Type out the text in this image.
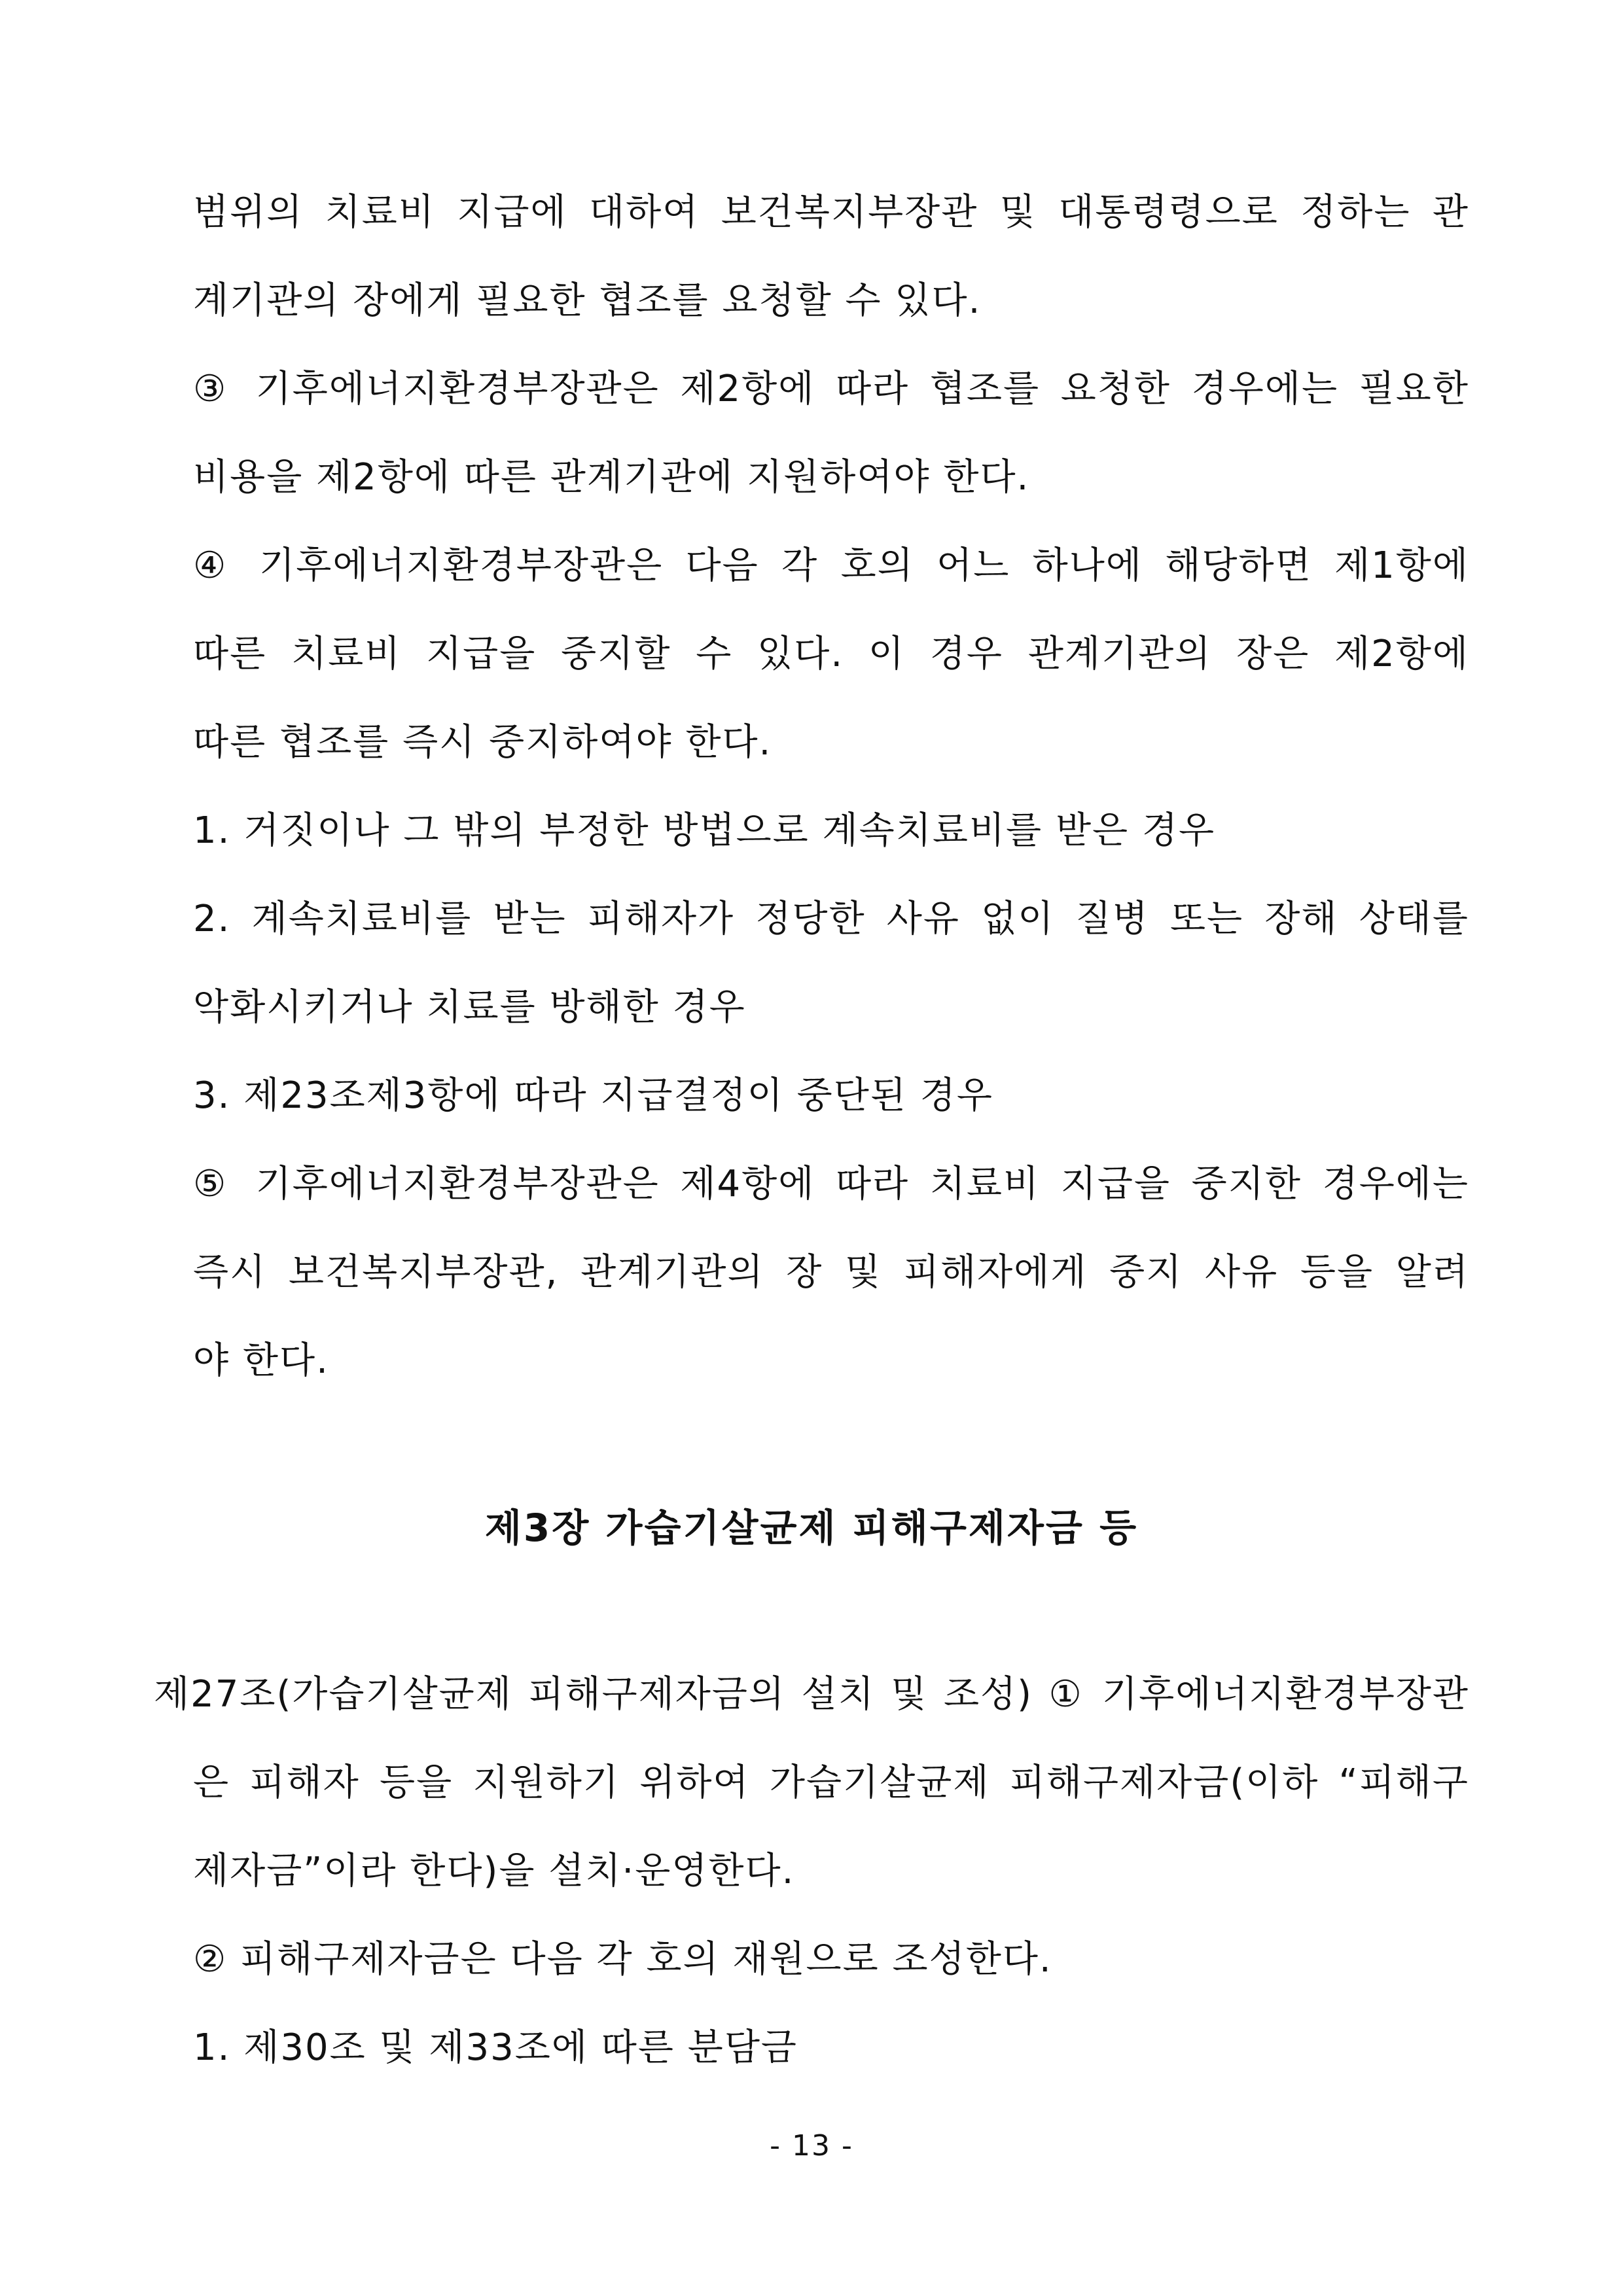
범위의 치료비 지급에 대하여 보건복지부장관 및 대통령령으로 정하는 관
계기관의 장에게 필요한 협조를 요청할 수 있다.
③ 기후에너지환경부장관은 제2항에 따라 협조를 요청한 경우에는 필요한
비용을 제2항에 따른 관계기관에 지원하여야 한다.
④ 기후에너지환경부장관은 다음 각 호의 어느 하나에 해당하면 제1항에
따른 치료비 지급을 중지할 수 있다. 이 경우 관계기관의 장은 제2항에
따른 협조를 즉시 중지하여야 한다.
1. 거짓이나 그 밖의 부정한 방법으로 계속치료비를 받은 경우
2. 계속치료비를 받는 피해자가 정당한 사유 없이 질병 또는 장해 상태를
악화시키거나 치료를 방해한 경우
3. 제23조제3항에 따라 지급결정이 중단된 경우
⑤ 기후에너지환경부장관은 제4항에 따라 치료비 지급을 중지한 경우에는
즉시 보건복지부장관, 관계기관의 장 및 피해자에게 중지 사유 등을 알려
야 한다.
제3장 가습기살균제 피해구제자금 등
제27조(가습기살균제 피해구제자금의 설치 및 조성) ① 기후에너지환경부장관
은 피해자 등을 지원하기 위하여 가습기살균제 피해구제자금(이하 “피해구
제자금”이라 한다)을 설치·운영한다.
② 피해구제자금은 다음 각 호의 재원으로 조성한다.
1. 제30조 및 제33조에 따른 분담금
- 13 -
